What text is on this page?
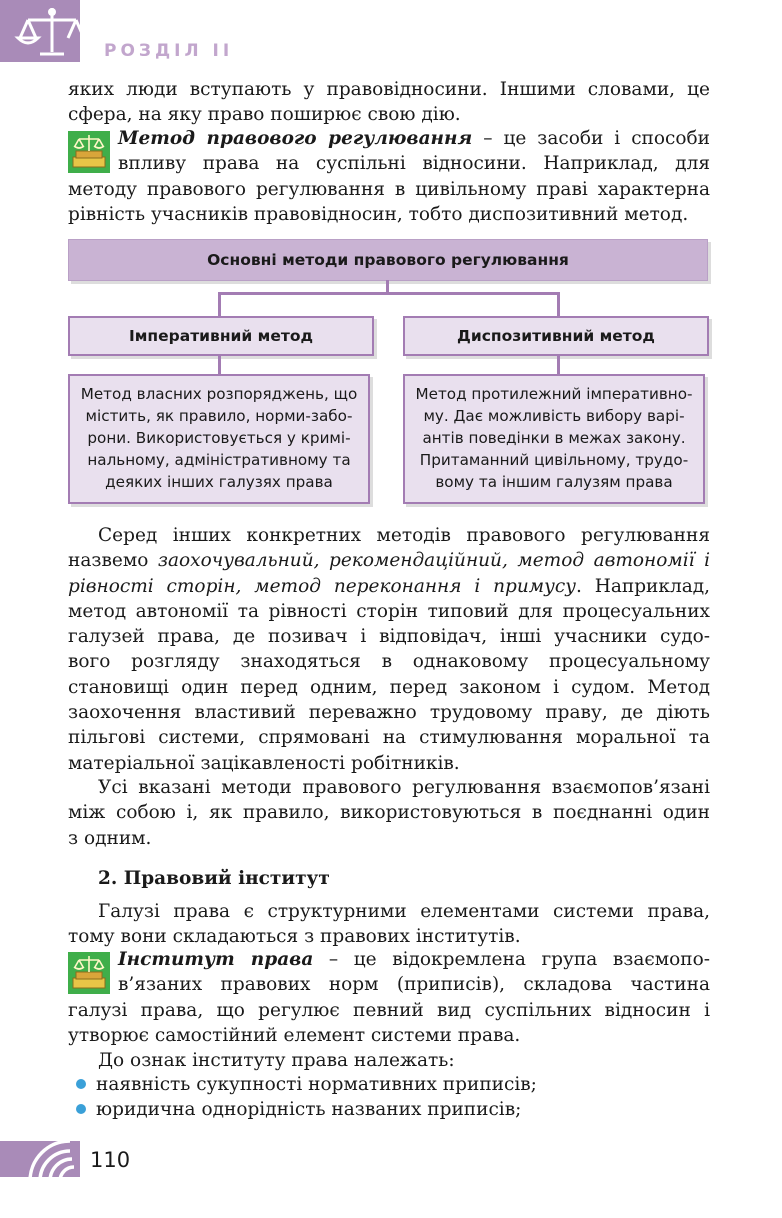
РОЗДІЛ II
яких люди вступають у правовідносини. Іншими словами, це
сфера, на яку право поширює свою дію.
Метод правового регулювання – це засоби і способи
впливу права на суспільні відносини. Наприклад, для
методу правового регулювання в цивільному праві характерна
рівність учасників правовідносин, тобто диспозитивний метод.
Основні методи правового регулювання
Імперативний метод	Диспозитивний метод
Метод власних розпоряджень, що
містить, як правило, норми-забо-
рони. Використовується у кримі-
нальному, адміністративному та
деяких інших галузях права
Метод протилежний імперативно-
му. Дає можливість вибору варі-
антів поведінки в межах закону.
Притаманний цивільному, трудо-
вому та іншим галузям права
Серед інших конкретних методів правового регулювання
назвемо заохочувальний, рекомендаційний, метод автономії і
рівності сторін, метод переконання і примусу. Наприклад,
метод автономії та рівності сторін типовий для процесуальних
галузей права, де позивач і відповідач, інші учасники судо-
вого розгляду знаходяться в однаковому процесуальному
становищі один перед одним, перед законом і судом. Метод
заохочення властивий переважно трудовому праву, де діють
пільгові системи, спрямовані на стимулювання моральної та
матеріальної зацікавленості робітників.
Усі вказані методи правового регулювання взаємопов’язані
між собою і, як правило, використовуються в поєднанні один
з одним.
2. Правовий інститут
Галузі права є структурними елементами системи права,
тому вони складаються з правових інститутів.
Інститут права – це відокремлена група взаємопо-
в’язаних правових норм (приписів), складова частина
галузі права, що регулює певний вид суспільних відносин і
утворює самостійний елемент системи права.
До ознак інституту права належать:
наявність сукупності нормативних приписів;
юридична однорідність названих приписів;
110
